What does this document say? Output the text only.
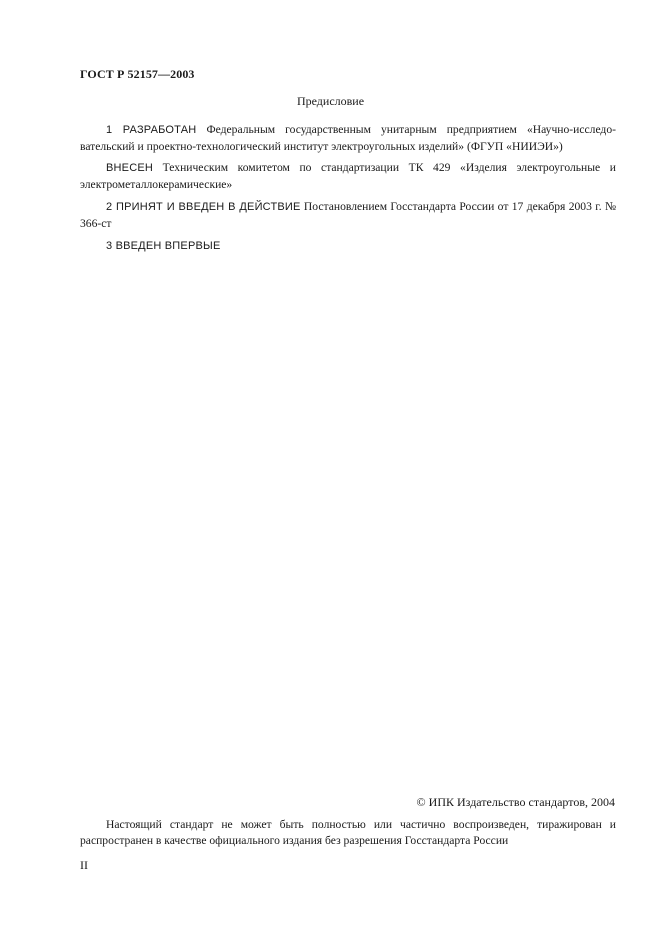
ГОСТ Р 52157—2003
Предисловие
1 РАЗРАБОТАН Федеральным государственным унитарным предприятием «Научно-исследовательский и проектно-технологический институт электроугольных изделий» (ФГУП «НИИЭИ»)
ВНЕСЕН Техническим комитетом по стандартизации ТК 429 «Изделия электроугольные и электрометаллокерамические»
2 ПРИНЯТ И ВВЕДЕН В ДЕЙСТВИЕ Постановлением Госстандарта России от 17 декабря 2003 г. № 366-ст
3 ВВЕДЕН ВПЕРВЫЕ
© ИПК Издательство стандартов, 2004
Настоящий стандарт не может быть полностью или частично воспроизведен, тиражирован и распространен в качестве официального издания без разрешения Госстандарта России
II
